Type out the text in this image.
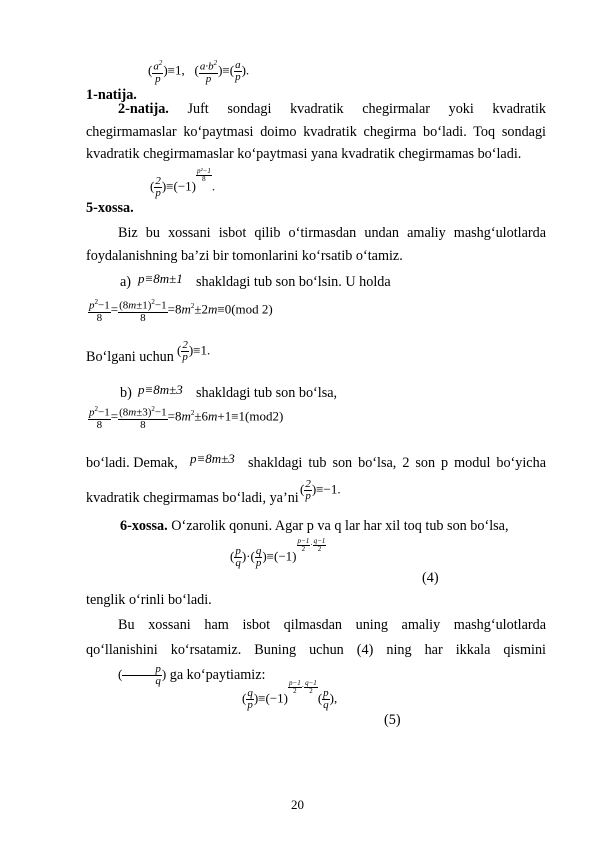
1-natija.
( $\frac{a^2}{p} )\equiv 1$,   ( $\frac{a\cdot b^2}{p}$ )≡( $\frac{a}{p}$ ).
2-natija. Juft sondagi kvadratik chegirmalar yoki kvadratik chegirmamaslar ko‘paytmasi doimo kvadratik chegirma bo‘ladi. Toq sondagi kvadratik chegirmamaslar ko‘paytmasi yana kvadratik chegirmamas bo‘ladi.
5-xossa.
( $\frac{2}{p} )\equiv(-1)$
$^{\frac{\text{p²−1}}{8}}$
.
Biz bu xossani isbot qilib o‘tirmasdan undan amaliy mashg‘ulotlarda foydalanishning ba’zi bir tomonlarini ko‘rsatib o‘tamiz.
a) p≡8m±1 shakldagi tub son bo‘lsin. U holda
$\frac{p^2-1}{8} = \frac{(8m\pm 1)^2-1}{8} =8m^2\pm 2m\equiv 0(mod$ 2)
Bo‘lgani uchun ( $\frac{2}{p} )\equiv 1$.
b) p≡8m±3 shakldagi tub son bo‘lsa,
$\frac{p^2-1}{8} = \frac{(8m\pm 3)^2-1}{8} =8m^2\pm 6m+1\equiv 1(mod2)$
bo‘ladi. Demak, p≡8m±3 shakldagi tub son bo‘lsa, 2 son p modul bo‘yicha
kvadratik chegirmamas bo‘ladi, ya’ni
( $\frac{2}{p} )\equiv-1$.
6-xossa. O‘zarolik qonuni. Agar p va q lar har xil toq tub son bo‘lsa,
( $\frac{p}{q}$ )·( $\frac{q}{p} )\equiv(-1)$
$^{\frac{p-1}{2} \cdot \frac{q-1}{2}}$
(4)
tenglik o‘rinli bo‘ladi.
Bu xossani ham isbot qilmasdan uning amaliy mashg‘ulotlarda qo‘llanishini ko‘rsatamiz. Buning uchun (4) ning har ikkala qismini ( $\frac{p}{q}$ ) ga ko‘paytiamiz:
( $\frac{q}{p} )\equiv(-1)$
$^{\frac{p-1}{2} \cdot \frac{q-1}{2}}$
( $\frac{p}{q}$ ),
(5)
20
